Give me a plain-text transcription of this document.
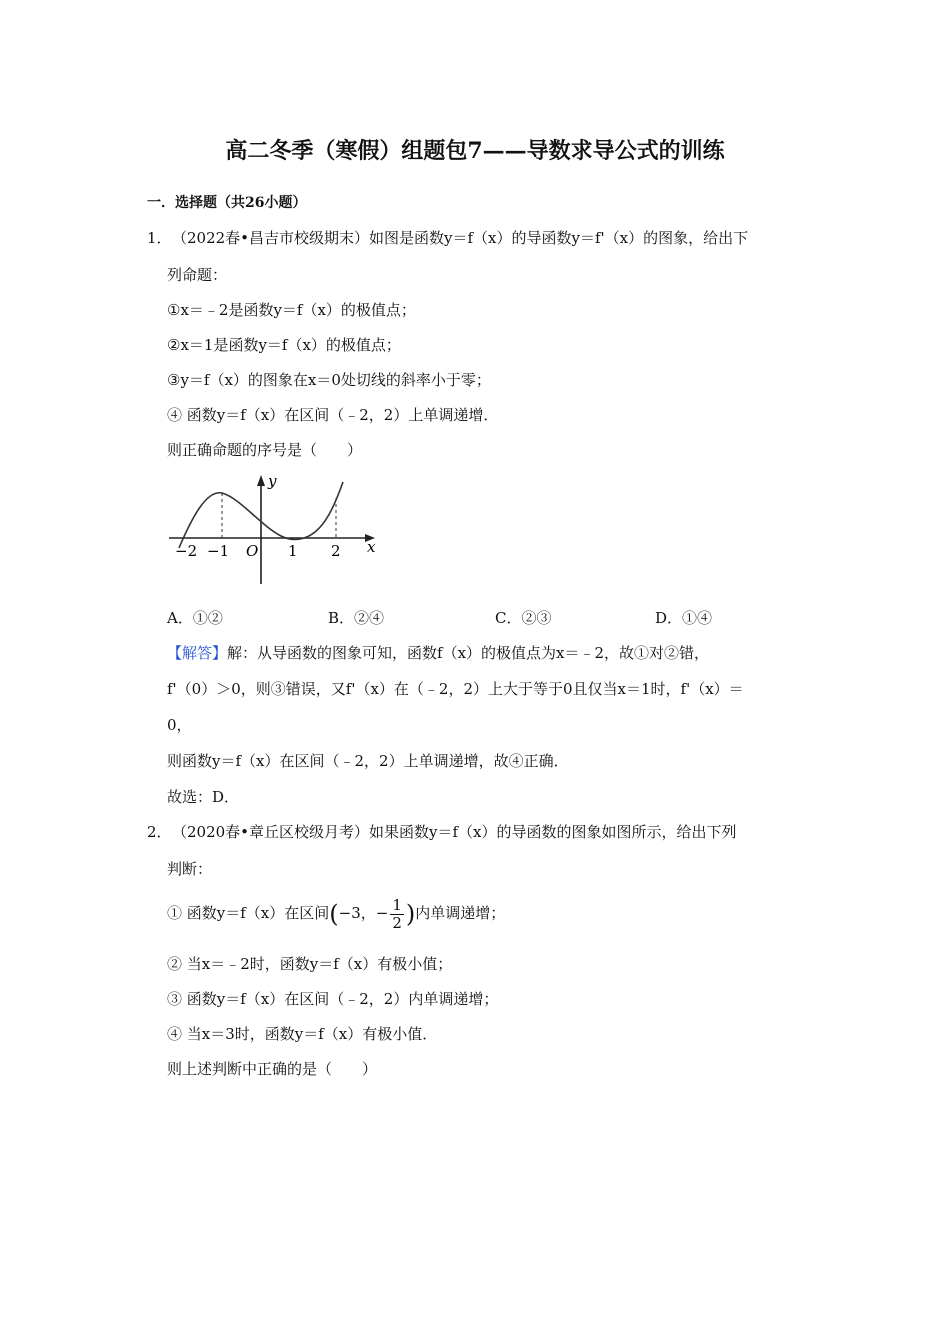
高二冬季（寒假）组题包7——导数求导公式的训练
一．选择题（共26小题）
1． （2022春•昌吉市校级期末）如图是函数y＝f（x）的导函数y＝f'（x）的图象，给出下
列命题：
①x＝﹣2是函数y＝f（x）的极值点；
②x＝1是函数y＝f（x）的极值点；
③y＝f（x）的图象在x＝0处切线的斜率小于零；
④ 函数y＝f（x）在区间（﹣2，2）上单调递增．
则正确命题的序号是（　　）
y
x
−2 −1 O 1 2
A．①②	B．②④	C．②③	D．①④
【解答】解：从导函数的图象可知，函数f（x）的极值点为x＝﹣2，故①对②错，
f'（0）＞0，则③错误，又f'（x）在（﹣2，2）上大于等于0且仅当x＝1时，f'（x）＝
0，
则函数y＝f（x）在区间（﹣2，2）上单调递增，故④正确．
故选：D．
2． （2020春•章丘区校级月考）如果函数y＝f（x）的导函数的图象如图所示，给出下列
判断：
① 函数y＝f（x）在区间(−3，− $\frac{1}{2}$ )内单调递增；
② 当x＝﹣2时，函数y＝f（x）有极小值；
③ 函数y＝f（x）在区间（﹣2，2）内单调递增；
④ 当x＝3时，函数y＝f（x）有极小值．
则上述判断中正确的是（　　）
